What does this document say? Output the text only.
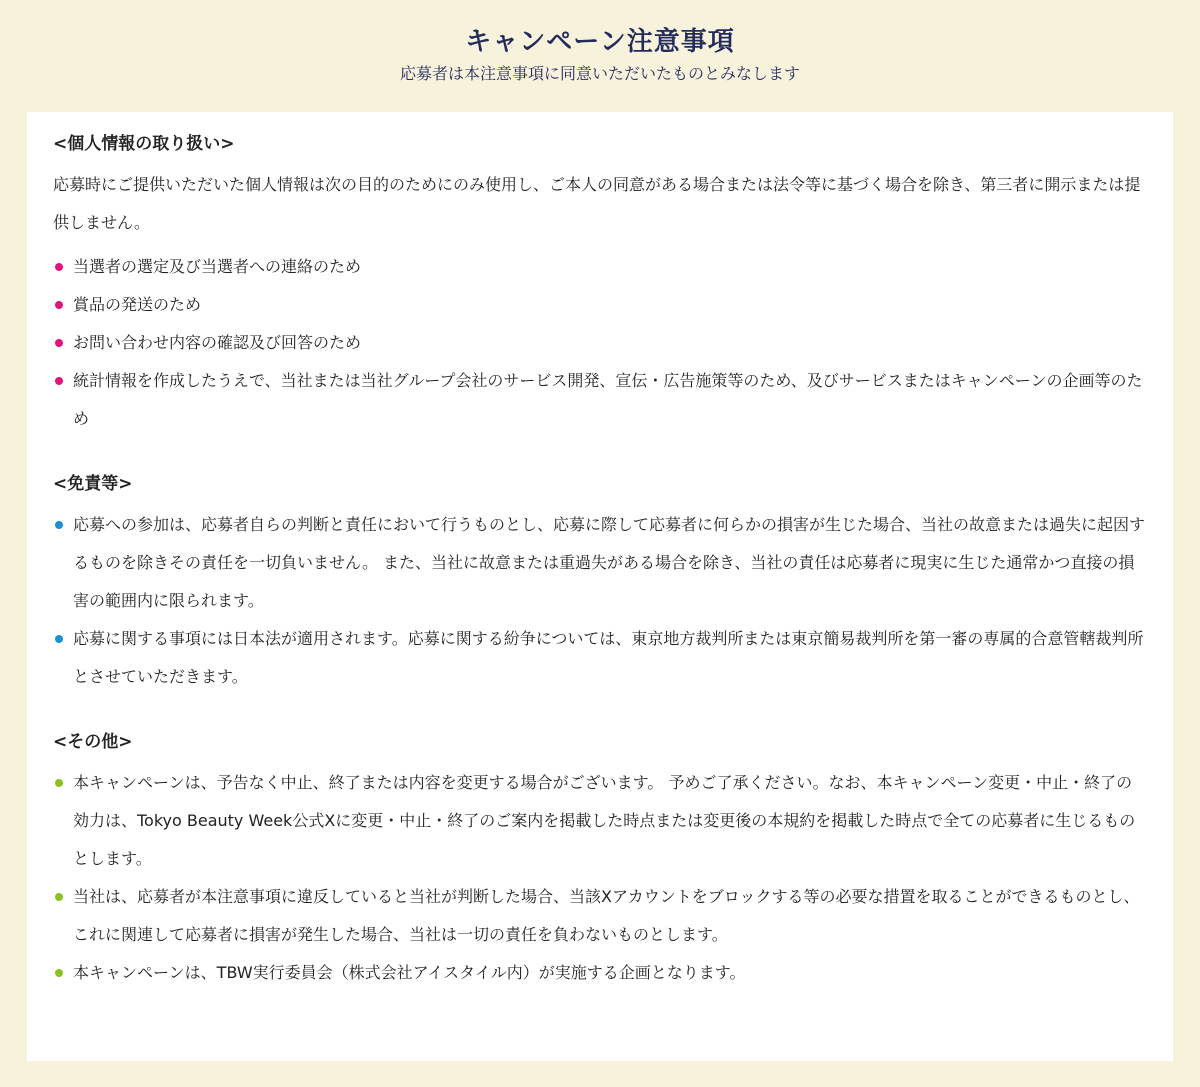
キャンペーン注意事項
応募者は本注意事項に同意いただいたものとみなします
<個人情報の取り扱い>
応募時にご提供いただいた個人情報は次の目的のためにのみ使用し、ご本人の同意がある場合または法令等に基づく場合を除き、第三者に開示または提供しません。
当選者の選定及び当選者への連絡のため
賞品の発送のため
お問い合わせ内容の確認及び回答のため
統計情報を作成したうえで、当社または当社グループ会社のサービス開発、宣伝・広告施策等のため、及びサービスまたはキャンペーンの企画等のため
<免責等>
応募への参加は、応募者自らの判断と責任において行うものとし、応募に際して応募者に何らかの損害が生じた場合、当社の故意または過失に起因するものを除きその責任を一切負いません。 また、当社に故意または重過失がある場合を除き、当社の責任は応募者に現実に生じた通常かつ直接の損害の範囲内に限られます。
応募に関する事項には日本法が適用されます。応募に関する紛争については、東京地方裁判所または東京簡易裁判所を第一審の専属的合意管轄裁判所とさせていただきます。
<その他>
本キャンペーンは、予告なく中止、終了または内容を変更する場合がございます。 予めご了承ください。なお、本キャンペーン変更・中止・終了の効力は、Tokyo Beauty Week公式Xに変更・中止・終了のご案内を掲載した時点または変更後の本規約を掲載した時点で全ての応募者に生じるものとします。
当社は、応募者が本注意事項に違反していると当社が判断した場合、当該Xアカウントをブロックする等の必要な措置を取ることができるものとし、これに関連して応募者に損害が発生した場合、当社は一切の責任を負わないものとします。
本キャンペーンは、TBW実行委員会（株式会社アイスタイル内）が実施する企画となります。
